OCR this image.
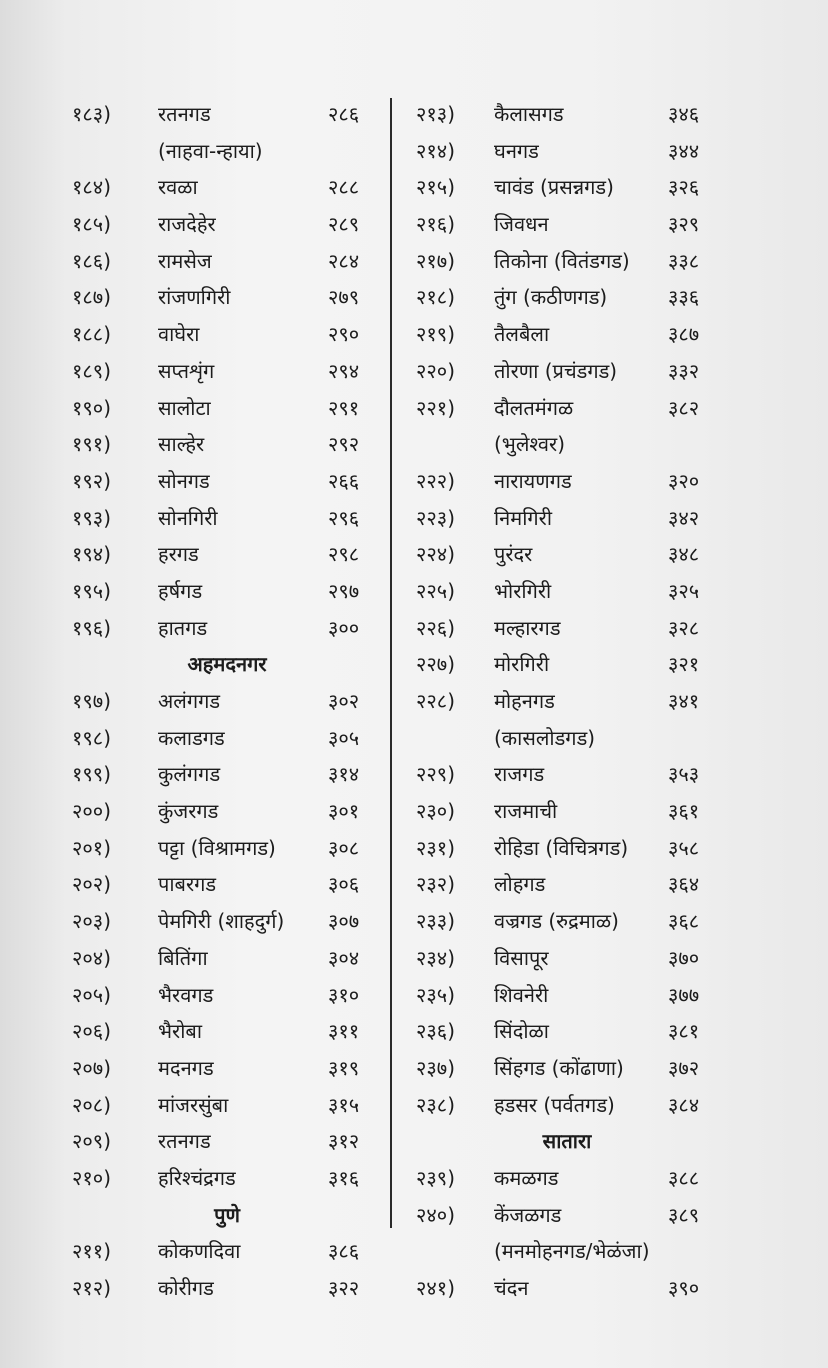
१८३) रतनगड	२८६
(नाहवा-न्हाया)
१८४) रवळा	२८८
१८५) राजदेहेर	२८९
१८६) रामसेज	२८४
१८७) रांजणगिरी	२७९
१८८) वाघेरा	२९०
१८९) सप्तशृंग	२९४
१९०) सालोटा	२९१
१९१) साल्हेर	२९२
१९२) सोनगड	२६६
१९३) सोनगिरी	२९६
१९४) हरगड	२९८
१९५) हर्षगड	२९७
१९६) हातगड	३००
अहमदनगर
१९७) अलंगगड	३०२
१९८) कलाडगड	३०५
१९९) कुलंगगड	३१४
२००) कुंजरगड	३०१
२०१) पट्टा (विश्रामगड)	३०८
२०२) पाबरगड	३०६
२०३) पेमगिरी (शाहदुर्ग) ३०७
२०४) बितिंगा	३०४
२०५) भैरवगड	३१०
२०६) भैरोबा	३११
२०७) मदनगड	३१९
२०८) मांजरसुंबा	३१५
२०९) रतनगड	३१२
२१०) हरिश्चंद्रगड	३१६
पुणे
२११) कोकणदिवा	३८६
२१२) कोरीगड	३२२
२१३) कैलासगड	३४६
२१४) घनगड	३४४
२१५) चावंड (प्रसन्नगड)	३२६
२१६) जिवधन	३२९
२१७) तिकोना (वितंडगड) ३३८
२१८) तुंग (कठीणगड)	३३६
२१९) तैलबैला	३८७
२२०) तोरणा (प्रचंडगड)	३३२
२२१) दौलतमंगळ	३८२
(भुलेश्वर)
२२२) नारायणगड	३२०
२२३) निमगिरी	३४२
२२४) पुरंदर	३४८
२२५) भोरगिरी	३२५
२२६) मल्हारगड	३२८
२२७) मोरगिरी	३२१
२२८) मोहनगड	३४१
(कासलोडगड)
२२९) राजगड	३५३
२३०) राजमाची	३६१
२३१) रोहिडा (विचित्रगड) ३५८
२३२) लोहगड	३६४
२३३) वज्रगड (रुद्रमाळ) ३६८
२३४) विसापूर	३७०
२३५) शिवनेरी	३७७
२३६) सिंदोळा	३८१
२३७) सिंहगड (कोंढाणा) ३७२
२३८) हडसर (पर्वतगड)	३८४
सातारा
२३९) कमळगड	३८८
२४०) केंजळगड	३८९
(मनमोहनगड/भेळंजा)
२४१) चंदन	३९०
